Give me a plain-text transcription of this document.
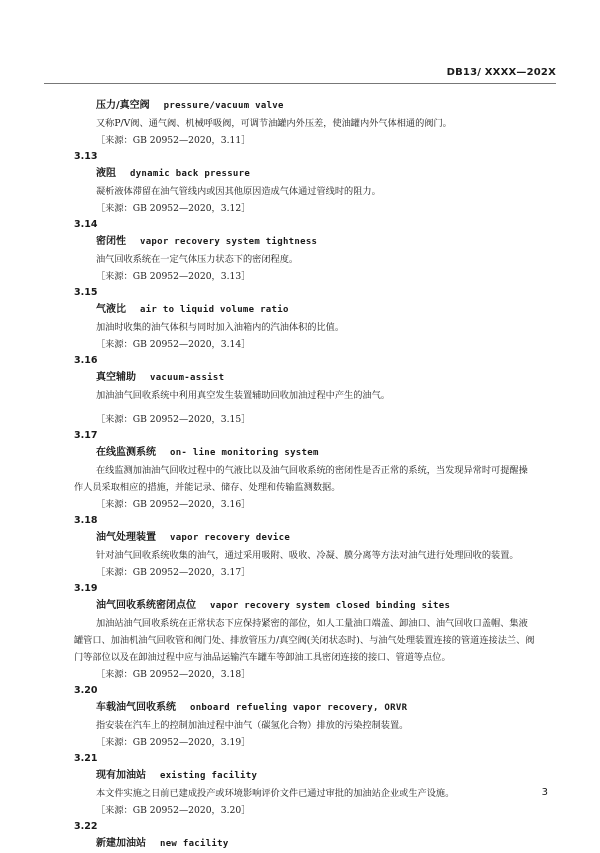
DB13/ XXXX—202X
压力/真空阀 pressure/vacuum valve
又称P/V阀、通气阀、机械呼吸阀，可调节油罐内外压差，使油罐内外气体相通的阀门。
［来源：GB 20952—2020，3.11］
3.13
液阻 dynamic back pressure
凝析液体滞留在油气管线内或因其他原因造成气体通过管线时的阻力。
［来源：GB 20952—2020，3.12］
3.14
密闭性 vapor recovery system tightness
油气回收系统在一定气体压力状态下的密闭程度。
［来源：GB 20952—2020，3.13］
3.15
气液比 air to liquid volume ratio
加油时收集的油气体积与同时加入油箱内的汽油体积的比值。
［来源：GB 20952—2020，3.14］
3.16
真空辅助 vacuum-assist
加油油气回收系统中利用真空发生装置辅助回收加油过程中产生的油气。
［来源：GB 20952—2020，3.15］
3.17
在线监测系统 on- line monitoring system
在线监测加油油气回收过程中的气液比以及油气回收系统的密闭性是否正常的系统，当发现异常时可提醒操作人员采取相应的措施，并能记录、储存、处理和传输监测数据。
［来源：GB 20952—2020，3.16］
3.18
油气处理装置 vapor recovery device
针对油气回收系统收集的油气，通过采用吸附、吸收、冷凝、膜分离等方法对油气进行处理回收的装置。
［来源：GB 20952—2020，3.17］
3.19
油气回收系统密闭点位 vapor recovery system closed binding sites
加油站油气回收系统在正常状态下应保持紧密的部位，如人工量油口端盖、卸油口、油气回收口盖帽、集液罐管口、加油机油气回收管和阀门处、排放管压力/真空阀(关闭状态时)、与油气处理装置连接的管道连接法兰、阀门等部位以及在卸油过程中应与油品运输汽车罐车等卸油工具密闭连接的接口、管道等点位。
［来源：GB 20952—2020，3.18］
3.20
车载油气回收系统 onboard refueling vapor recovery, ORVR
指安装在汽车上的控制加油过程中油气（碳氢化合物）排放的污染控制装置。
［来源：GB 20952—2020，3.19］
3.21
现有加油站 existing facility
本文件实施之日前已建成投产或环境影响评价文件已通过审批的加油站企业或生产设施。
［来源：GB 20952—2020，3.20］
3.22
新建加油站 new facility
3
